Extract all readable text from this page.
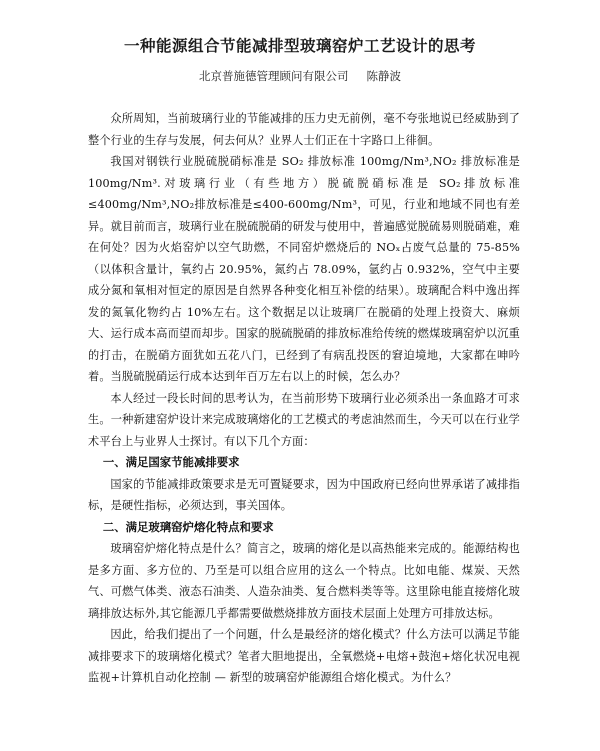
一种能源组合节能减排型玻璃窑炉工艺设计的思考
北京普施德管理顾问有限公司 陈静波

众所周知，当前玻璃行业的节能减排的压力史无前例，毫不夸张地说已经威胁到了整个行业的生存与发展，何去何从？业界人士们正在十字路口上徘徊。

我国对钢铁行业脱硫脱硝标准是 SO₂ 排放标准 100mg/Nm³,NO₂ 排放标准是100mg/Nm³.对玻璃行业（有些地方）脱硫脱硝标准是 SO₂排放标准≤400mg/Nm³,NO₂排放标准是≤400-600mg/Nm³，可见，行业和地域不同也有差异。就目前而言，玻璃行业在脱硫脱硝的研发与使用中，普遍感觉脱硫易则脱硝难，难在何处？因为火焰窑炉以空气助燃，不同窑炉燃烧后的 NOₓ占废气总量的 75-85%（以体积含量计，氧约占 20.95%，氮约占 78.09%，氩约占 0.932%，空气中主要成分氮和氧相对恒定的原因是自然界各种变化相互补偿的结果）。玻璃配合料中逸出挥发的氮氧化物约占 10%左右。这个数据足以让玻璃厂在脱硝的处理上投资大、麻烦大、运行成本高而望而却步。国家的脱硫脱硝的排放标准给传统的燃煤玻璃窑炉以沉重的打击，在脱硝方面犹如五花八门，已经到了有病乱投医的窘迫境地，大家都在呻吟着。当脱硫脱硝运行成本达到年百万左右以上的时候，怎么办？

本人经过一段长时间的思考认为，在当前形势下玻璃行业必须杀出一条血路才可求生。一种新建窑炉设计来完成玻璃熔化的工艺模式的考虑油然而生，今天可以在行业学术平台上与业界人士探讨。有以下几个方面：

一、满足国家节能减排要求

国家的节能减排政策要求是无可置疑要求，因为中国政府已经向世界承诺了减排指标，是硬性指标，必须达到，事关国体。

二、满足玻璃窑炉熔化特点和要求

玻璃窑炉熔化特点是什么？简言之，玻璃的熔化是以高热能来完成的。能源结构也是多方面、多方位的、乃至是可以组合应用的这么一个特点。比如电能、煤炭、天然气、可燃气体类、液态石油类、人造杂油类、复合燃料类等等。这里除电能直接熔化玻璃排放达标外,其它能源几乎都需要做燃烧排放方面技术层面上处理方可排放达标。

因此，给我们提出了一个问题，什么是最经济的熔化模式？什么方法可以满足节能减排要求下的玻璃熔化模式？笔者大胆地提出，全氧燃烧+电熔+鼓泡+熔化状况电视监视+计算机自动化控制 — 新型的玻璃窑炉能源组合熔化模式。为什么？
